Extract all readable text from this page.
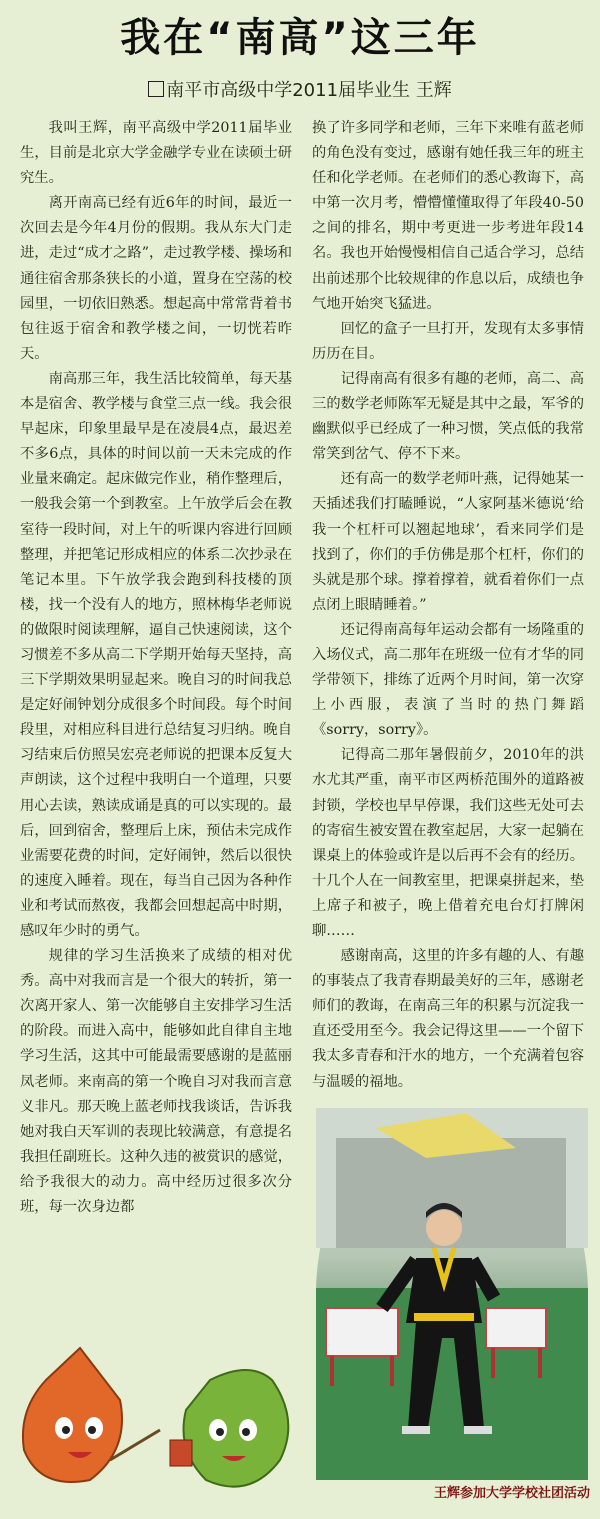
我在“南高”这三年
南平市高级中学2011届毕业生 王辉

我叫王辉，南平高级中学2011届毕业生，目前是北京大学金融学专业在读硕士研究生。

离开南高已经有近6年的时间，最近一次回去是今年4月份的假期。我从东大门走进，走过“成才之路”，走过教学楼、操场和通往宿舍那条狭长的小道，置身在空荡的校园里，一切依旧熟悉。想起高中常常背着书包往返于宿舍和教学楼之间，一切恍若昨天。

南高那三年，我生活比较简单，每天基本是宿舍、教学楼与食堂三点一线。我会很早起床，印象里最早是在凌晨4点，最迟差不多6点，具体的时间以前一天未完成的作业量来确定。起床做完作业，稍作整理后，一般我会第一个到教室。上午放学后会在教室待一段时间，对上午的听课内容进行回顾整理，并把笔记形成相应的体系二次抄录在笔记本里。下午放学我会跑到科技楼的顶楼，找一个没有人的地方，照林梅华老师说的做限时阅读理解，逼自己快速阅读，这个习惯差不多从高二下学期开始每天坚持，高三下学期效果明显起来。晚自习的时间我总是定好闹钟划分成很多个时间段。每个时间段里，对相应科目进行总结复习归纳。晚自习结束后仿照吴宏亮老师说的把课本反复大声朗读，这个过程中我明白一个道理，只要用心去读，熟读成诵是真的可以实现的。最后，回到宿舍，整理后上床，预估未完成作业需要花费的时间，定好闹钟，然后以很快的速度入睡着。现在，每当自己因为各种作业和考试而熬夜，我都会回想起高中时期，感叹年少时的勇气。

规律的学习生活换来了成绩的相对优秀。高中对我而言是一个很大的转折，第一次离开家人、第一次能够自主安排学习生活的阶段。而进入高中，能够如此自律自主地学习生活，这其中可能最需要感谢的是蓝丽凤老师。来南高的第一个晚自习对我而言意义非凡。那天晚上蓝老师找我谈话，告诉我她对我白天军训的表现比较满意，有意提名我担任副班长。这种久违的被赏识的感觉，给予我很大的动力。高中经历过很多次分班，每一次身边都

换了许多同学和老师，三年下来唯有蓝老师的角色没有变过，感谢有她任我三年的班主任和化学老师。在老师们的悉心教诲下，高中第一次月考，懵懵懂懂取得了年段40-50之间的排名，期中考更进一步考进年段14名。我也开始慢慢相信自己适合学习，总结出前述那个比较规律的作息以后，成绩也争气地开始突飞猛进。

回忆的盒子一旦打开，发现有太多事情历历在目。

记得南高有很多有趣的老师，高二、高三的数学老师陈军无疑是其中之最，军爷的幽默似乎已经成了一种习惯，笑点低的我常常笑到岔气、停不下来。

还有高一的数学老师叶燕，记得她某一天插述我们打瞌睡说，“人家阿基米德说‘给我一个杠杆可以翘起地球’，看来同学们是找到了，你们的手仿佛是那个杠杆，你们的头就是那个球。撑着撑着，就看着你们一点点闭上眼睛睡着。”

还记得南高每年运动会都有一场隆重的入场仪式，高二那年在班级一位有才华的同学带领下，排练了近两个月时间，第一次穿上小西服，表演了当时的热门舞蹈《sorry，sorry》。

记得高二那年暑假前夕，2010年的洪水尤其严重，南平市区两桥范围外的道路被封锁，学校也早早停课，我们这些无处可去的寄宿生被安置在教室起居，大家一起躺在课桌上的体验或许是以后再不会有的经历。十几个人在一间教室里，把课桌拼起来，垫上席子和被子，晚上借着充电台灯打牌闲聊……

感谢南高，这里的许多有趣的人、有趣的事装点了我青春期最美好的三年，感谢老师们的教诲，在南高三年的积累与沉淀我一直还受用至今。我会记得这里——一个留下我太多青春和汗水的地方，一个充满着包容与温暖的福地。

王辉参加大学学校社团活动
